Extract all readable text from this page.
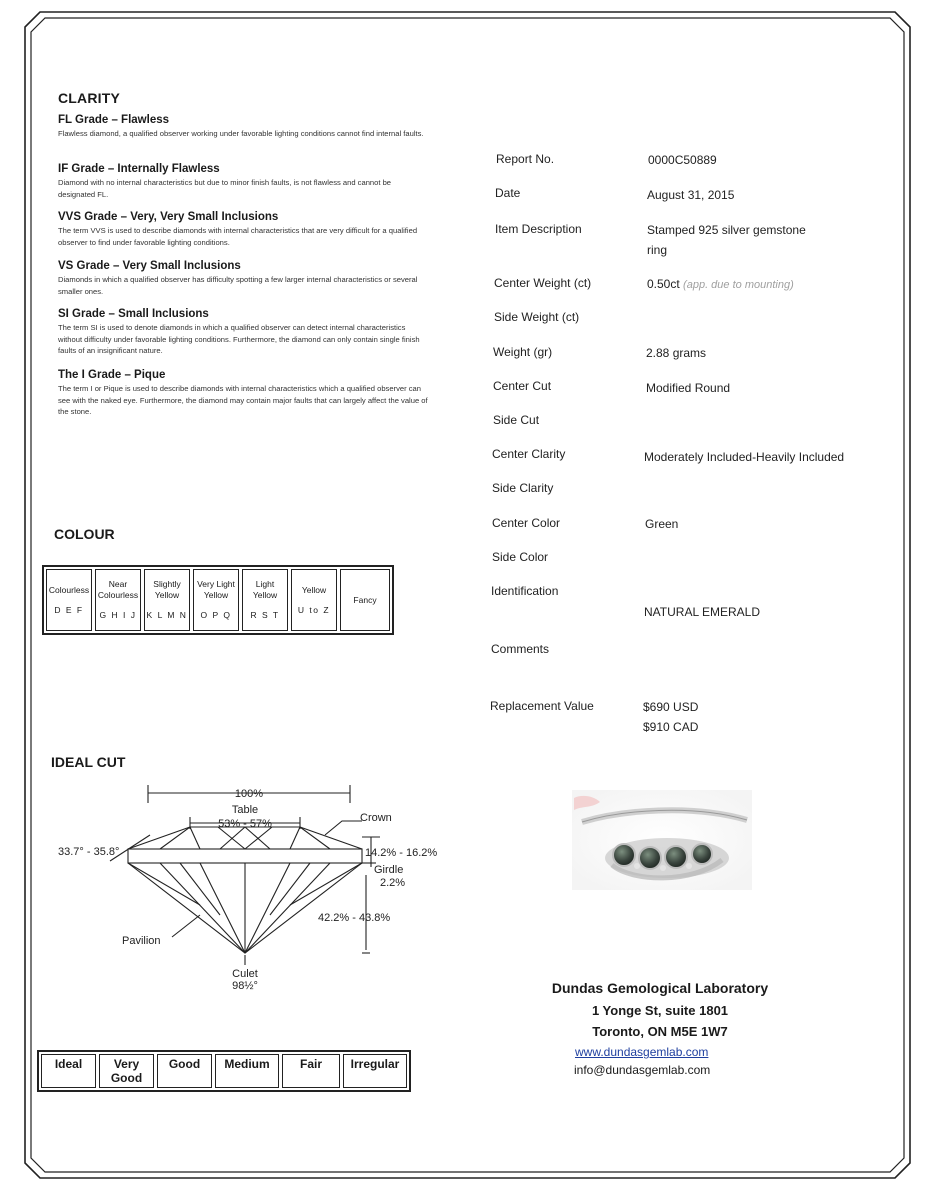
CLARITY
FL Grade – Flawless

Flawless diamond, a qualified observer working under favorable lighting conditions cannot find internal faults.

IF Grade – Internally Flawless

Diamond with no internal characteristics but due to minor finish faults, is not flawless and cannot be designated FL.

VVS Grade – Very, Very Small Inclusions

The term VVS is used to describe diamonds with internal characteristics that are very difficult for a qualified observer to find under favorable lighting conditions.

VS Grade – Very Small Inclusions

Diamonds in which a qualified observer has difficulty spotting a few larger internal characteristics or several smaller ones.

SI Grade – Small Inclusions

The term SI is used to denote diamonds in which a qualified observer can detect internal characteristics without difficulty under favorable lighting conditions. Furthermore, the diamond can only contain single finish faults of an insignificant nature.

The I Grade – Pique

The term I or Pique is used to describe diamonds with internal characteristics which a qualified observer can see with the naked eye. Furthermore, the diamond may contain major faults that can largely affect the value of the stone.

COLOUR
Colourless
D E F
Near Colourless
G H I J
Slightly Yellow
K L M N
Very Light Yellow
O P Q
Light Yellow
R S T
Yellow
U to Z
Fancy
IDEAL CUT
100%
Table
53% - 57%	Crown
33.7° - 35.8°	14.2% - 16.2%
Girdle
2.2%
42.2% - 43.8%
Pavilion
Culet
98½°
Ideal	Very Good
Good	Medium	Fair	Irregular
Report No.	0000C50889
Date	August 31, 2015
Item Description	Stamped 925 silver gemstone ring
Center Weight (ct)	0.50ct (app. due to mounting)
Side Weight (ct)
Weight (gr)	2.88 grams
Center Cut	Modified Round
Side Cut
Center Clarity	Moderately Included-Heavily Included
Side Clarity
Center Color	Green
Side Color
Identification
NATURAL EMERALD
Comments
Replacement Value	$690 USD
$910 CAD
Dundas Gemological Laboratory
1 Yonge St, suite 1801
Toronto, ON M5E 1W7
www.dundasgemlab.com
info@dundasgemlab.com
